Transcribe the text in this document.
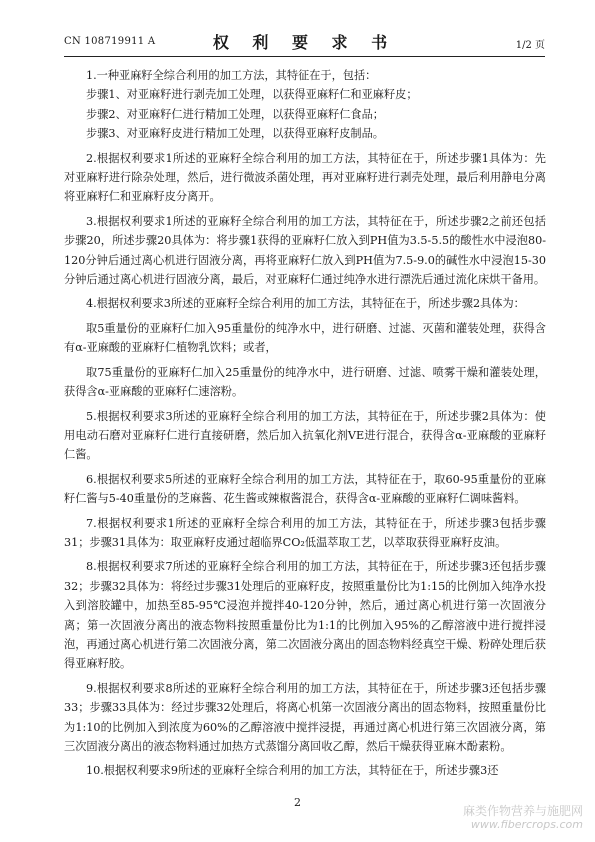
CN 108719911 A	权 利 要 求 书	1/2 页

1.一种亚麻籽全综合利用的加工方法，其特征在于，包括：

步骤1、对亚麻籽进行剥壳加工处理，以获得亚麻籽仁和亚麻籽皮；

步骤2、对亚麻籽仁进行精加工处理，以获得亚麻籽仁食品；

步骤3、对亚麻籽皮进行精加工处理，以获得亚麻籽皮制品。

2.根据权利要求1所述的亚麻籽全综合利用的加工方法，其特征在于，所述步骤1具体为：先对亚麻籽进行除杂处理，然后，进行微波杀菌处理，再对亚麻籽进行剥壳处理，最后利用静电分离将亚麻籽仁和亚麻籽皮分离开。

3.根据权利要求1所述的亚麻籽全综合利用的加工方法，其特征在于，所述步骤2之前还包括步骤20，所述步骤20具体为：将步骤1获得的亚麻籽仁放入到PH值为3.5-5.5的酸性水中浸泡80-120分钟后通过离心机进行固液分离，再将亚麻籽仁放入到PH值为7.5-9.0的碱性水中浸泡15-30分钟后通过离心机进行固液分离，最后，对亚麻籽仁通过纯净水进行漂洗后通过流化床烘干备用。

4.根据权利要求3所述的亚麻籽全综合利用的加工方法，其特征在于，所述步骤2具体为：

取5重量份的亚麻籽仁加入95重量份的纯净水中，进行研磨、过滤、灭菌和灌装处理，获得含有α-亚麻酸的亚麻籽仁植物乳饮料；或者，

取75重量份的亚麻籽仁加入25重量份的纯净水中，进行研磨、过滤、喷雾干燥和灌装处理，获得含α-亚麻酸的亚麻籽仁速溶粉。

5.根据权利要求3所述的亚麻籽全综合利用的加工方法，其特征在于，所述步骤2具体为：使用电动石磨对亚麻籽仁进行直接研磨，然后加入抗氧化剂VE进行混合，获得含α-亚麻酸的亚麻籽仁酱。

6.根据权利要求5所述的亚麻籽全综合利用的加工方法，其特征在于，取60-95重量份的亚麻籽仁酱与5-40重量份的芝麻酱、花生酱或辣椒酱混合，获得含α-亚麻酸的亚麻籽仁调味酱料。

7.根据权利要求1所述的亚麻籽全综合利用的加工方法，其特征在于，所述步骤3包括步骤31；步骤31具体为：取亚麻籽皮通过超临界CO₂低温萃取工艺，以萃取获得亚麻籽皮油。

8.根据权利要求7所述的亚麻籽全综合利用的加工方法，其特征在于，所述步骤3还包括步骤32；步骤32具体为：将经过步骤31处理后的亚麻籽皮，按照重量份比为1:15的比例加入纯净水投入到溶胶罐中，加热至85-95℃浸泡并搅拌40-120分钟，然后，通过离心机进行第一次固液分离；第一次固液分离出的液态物料按照重量份比为1:1的比例加入95%的乙醇溶液中进行搅拌浸泡，再通过离心机进行第二次固液分离，第二次固液分离出的固态物料经真空干燥、粉碎处理后获得亚麻籽胶。

9.根据权利要求8所述的亚麻籽全综合利用的加工方法，其特征在于，所述步骤3还包括步骤33；步骤33具体为：经过步骤32处理后，将离心机第一次固液分离出的固态物料，按照重量份比为1:10的比例加入到浓度为60%的乙醇溶液中搅拌浸提，再通过离心机进行第三次固液分离，第三次固液分离出的液态物料通过加热方式蒸馏分离回收乙醇，然后干燥获得亚麻木酚素粉。

10.根据权利要求9所述的亚麻籽全综合利用的加工方法，其特征在于，所述步骤3还

2
麻类作物营养与施肥网
www.fibercrops.com
